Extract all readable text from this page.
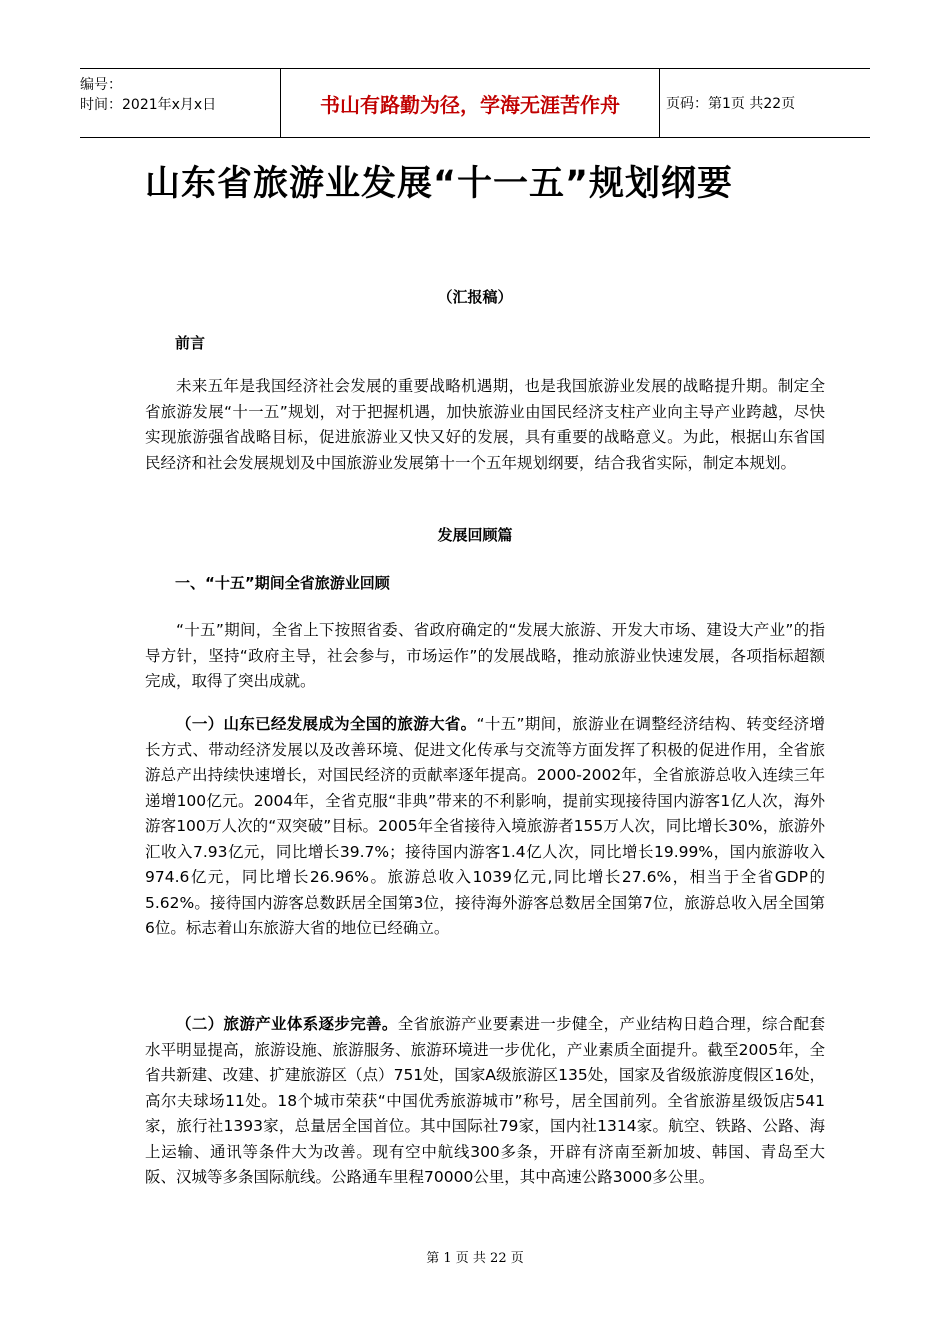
编号：
时间：2021年x月x日	书山有路勤为径，学海无涯苦作舟	页码：第1页 共22页
山东省旅游业发展“十一五”规划纲要
（汇报稿）
前言
未来五年是我国经济社会发展的重要战略机遇期，也是我国旅游业发展的战略提升期。制定全省旅游发展“十一五”规划，对于把握机遇，加快旅游业由国民经济支柱产业向主导产业跨越，尽快实现旅游强省战略目标，促进旅游业又快又好的发展，具有重要的战略意义。为此，根据山东省国民经济和社会发展规划及中国旅游业发展第十一个五年规划纲要，结合我省实际，制定本规划。
发展回顾篇
一、“十五”期间全省旅游业回顾
“十五”期间，全省上下按照省委、省政府确定的“发展大旅游、开发大市场、建设大产业”的指导方针，坚持“政府主导，社会参与，市场运作”的发展战略，推动旅游业快速发展，各项指标超额完成，取得了突出成就。
（一）山东已经发展成为全国的旅游大省。“十五”期间，旅游业在调整经济结构、转变经济增长方式、带动经济发展以及改善环境、促进文化传承与交流等方面发挥了积极的促进作用，全省旅游总产出持续快速增长，对国民经济的贡献率逐年提高。2000-2002年，全省旅游总收入连续三年递增100亿元。2004年，全省克服“非典”带来的不利影响，提前实现接待国内游客1亿人次，海外游客100万人次的“双突破”目标。2005年全省接待入境旅游者155万人次，同比增长30%，旅游外汇收入7.93亿元，同比增长39.7%；接待国内游客1.4亿人次，同比增长19.99%，国内旅游收入974.6亿元，同比增长26.96%。旅游总收入1039亿元,同比增长27.6%，相当于全省GDP的5.62%。接待国内游客总数跃居全国第3位，接待海外游客总数居全国第7位，旅游总收入居全国第6位。标志着山东旅游大省的地位已经确立。
（二）旅游产业体系逐步完善。全省旅游产业要素进一步健全，产业结构日趋合理，综合配套水平明显提高，旅游设施、旅游服务、旅游环境进一步优化，产业素质全面提升。截至2005年，全省共新建、改建、扩建旅游区（点）751处，国家A级旅游区135处，国家及省级旅游度假区16处，高尔夫球场11处。18个城市荣获“中国优秀旅游城市”称号，居全国前列。全省旅游星级饭店541家，旅行社1393家，总量居全国首位。其中国际社79家，国内社1314家。航空、铁路、公路、海上运输、通讯等条件大为改善。现有空中航线300多条，开辟有济南至新加坡、韩国、青岛至大阪、汉城等多条国际航线。公路通车里程70000公里，其中高速公路3000多公里。
第 1 页 共 22 页
